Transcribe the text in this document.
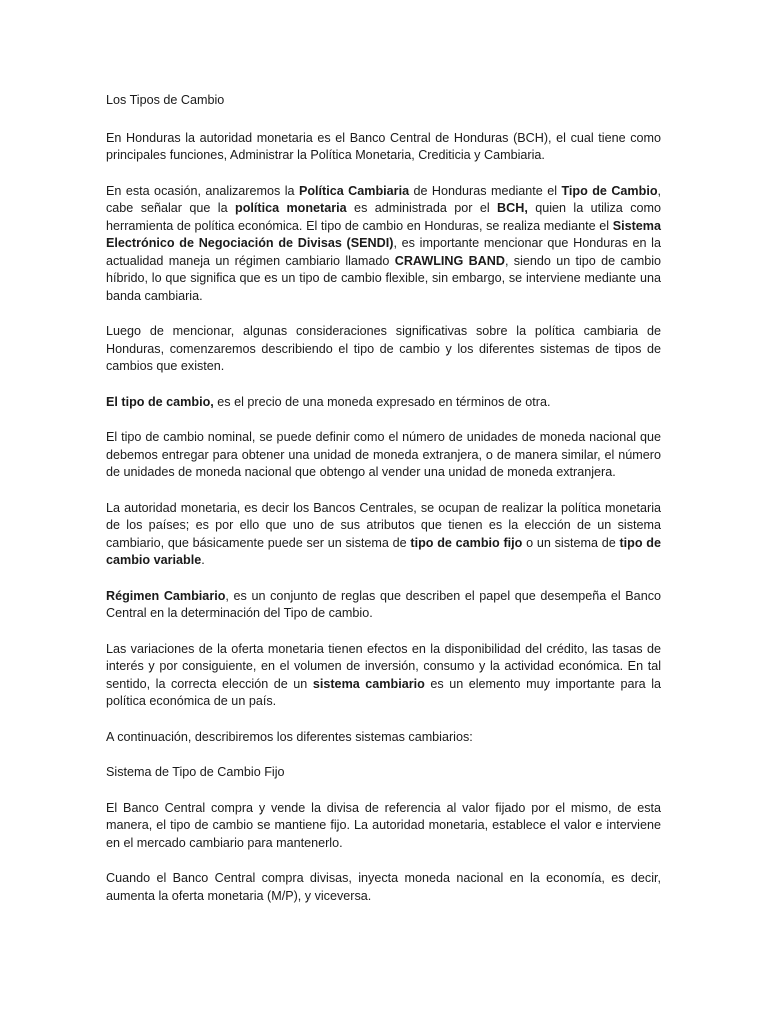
Los Tipos de Cambio

En Honduras la autoridad monetaria es el Banco Central de Honduras (BCH), el cual tiene como principales funciones, Administrar la Política Monetaria, Crediticia y Cambiaria.

En esta ocasión, analizaremos la Política Cambiaria de Honduras mediante el Tipo de Cambio, cabe señalar que la política monetaria es administrada por el BCH, quien la utiliza como herramienta de política económica. El tipo de cambio en Honduras, se realiza mediante el Sistema Electrónico de Negociación de Divisas (SENDI), es importante mencionar que Honduras en la actualidad maneja un régimen cambiario llamado CRAWLING BAND, siendo un tipo de cambio híbrido, lo que significa que es un tipo de cambio flexible, sin embargo, se interviene mediante una banda cambiaria.

Luego de mencionar, algunas consideraciones significativas sobre la política cambiaria de Honduras, comenzaremos describiendo el tipo de cambio y los diferentes sistemas de tipos de cambios que existen.

El tipo de cambio, es el precio de una moneda expresado en términos de otra.

El tipo de cambio nominal, se puede definir como el número de unidades de moneda nacional que debemos entregar para obtener una unidad de moneda extranjera, o de manera similar, el número de unidades de moneda nacional que obtengo al vender una unidad de moneda extranjera.

La autoridad monetaria, es decir los Bancos Centrales, se ocupan de realizar la política monetaria de los países; es por ello que uno de sus atributos que tienen es la elección de un sistema cambiario, que básicamente puede ser un sistema de tipo de cambio fijo o un sistema de tipo de cambio variable.

Régimen Cambiario, es un conjunto de reglas que describen el papel que desempeña el Banco Central en la determinación del Tipo de cambio.

Las variaciones de la oferta monetaria tienen efectos en la disponibilidad del crédito, las tasas de interés y por consiguiente, en el volumen de inversión, consumo y la actividad económica. En tal sentido, la correcta elección de un sistema cambiario es un elemento muy importante para la política económica de un país.

A continuación, describiremos los diferentes sistemas cambiarios:

Sistema de Tipo de Cambio Fijo

El Banco Central compra y vende la divisa de referencia al valor fijado por el mismo, de esta manera, el tipo de cambio se mantiene fijo. La autoridad monetaria, establece el valor e interviene en el mercado cambiario para mantenerlo.

Cuando el Banco Central compra divisas, inyecta moneda nacional en la economía, es decir, aumenta la oferta monetaria (M/P), y viceversa.
